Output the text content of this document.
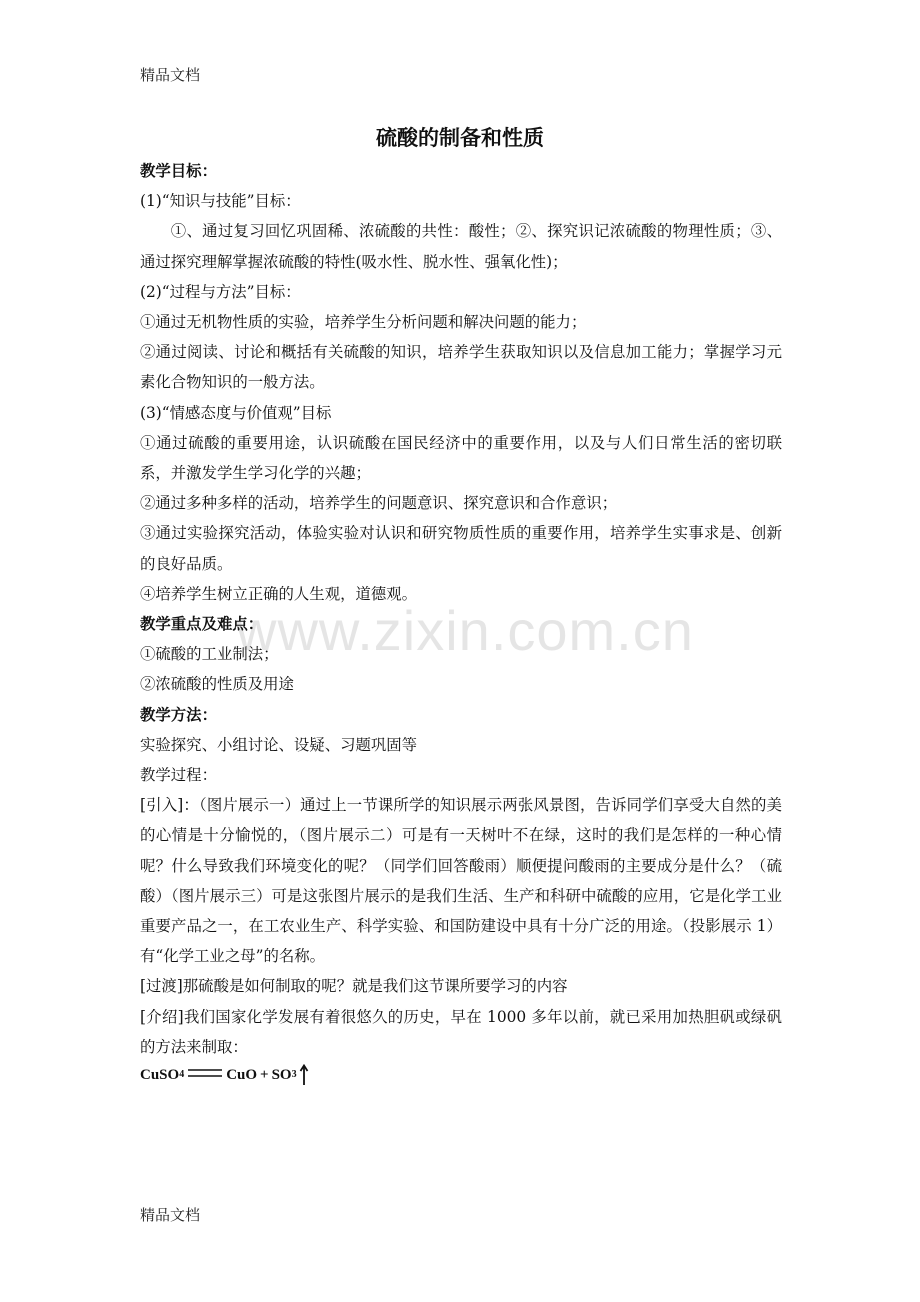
精品文档
www.zixin.com.cn
硫酸的制备和性质

教学目标：

(1)“知识与技能”目标：

①、通过复习回忆巩固稀、浓硫酸的共性：酸性；②、探究识记浓硫酸的物理性质；③、通过探究理解掌握浓硫酸的特性(吸水性、脱水性、强氧化性)；

(2)“过程与方法”目标：

①通过无机物性质的实验，培养学生分析问题和解决问题的能力；

②通过阅读、讨论和概括有关硫酸的知识，培养学生获取知识以及信息加工能力；掌握学习元素化合物知识的一般方法。

(3)“情感态度与价值观”目标

①通过硫酸的重要用途，认识硫酸在国民经济中的重要作用，以及与人们日常生活的密切联系，并激发学生学习化学的兴趣；

②通过多种多样的活动，培养学生的问题意识、探究意识和合作意识；

③通过实验探究活动，体验实验对认识和研究物质性质的重要作用，培养学生实事求是、创新的良好品质。

④培养学生树立正确的人生观，道德观。

教学重点及难点：

①硫酸的工业制法；

②浓硫酸的性质及用途

教学方法：

实验探究、小组讨论、设疑、习题巩固等

教学过程：

[引入]：（图片展示一）通过上一节课所学的知识展示两张风景图，告诉同学们享受大自然的美的心情是十分愉悦的，（图片展示二）可是有一天树叶不在绿，这时的我们是怎样的一种心情呢？什么导致我们环境变化的呢？（同学们回答酸雨）顺便提问酸雨的主要成分是什么？（硫酸）（图片展示三）可是这张图片展示的是我们生活、生产和科研中硫酸的应用，它是化学工业重要产品之一，在工农业生产、科学实验、和国防建设中具有十分广泛的用途。（投影展示 1）有“化学工业之母”的名称。

[过渡]那硫酸是如何制取的呢？就是我们这节课所要学习的内容

[介绍]我们国家化学发展有着很悠久的历史，早在 1000 多年以前，就已采用加热胆矾或绿矾的方法来制取：

CuSO 4	CuO + SO 3
精品文档
